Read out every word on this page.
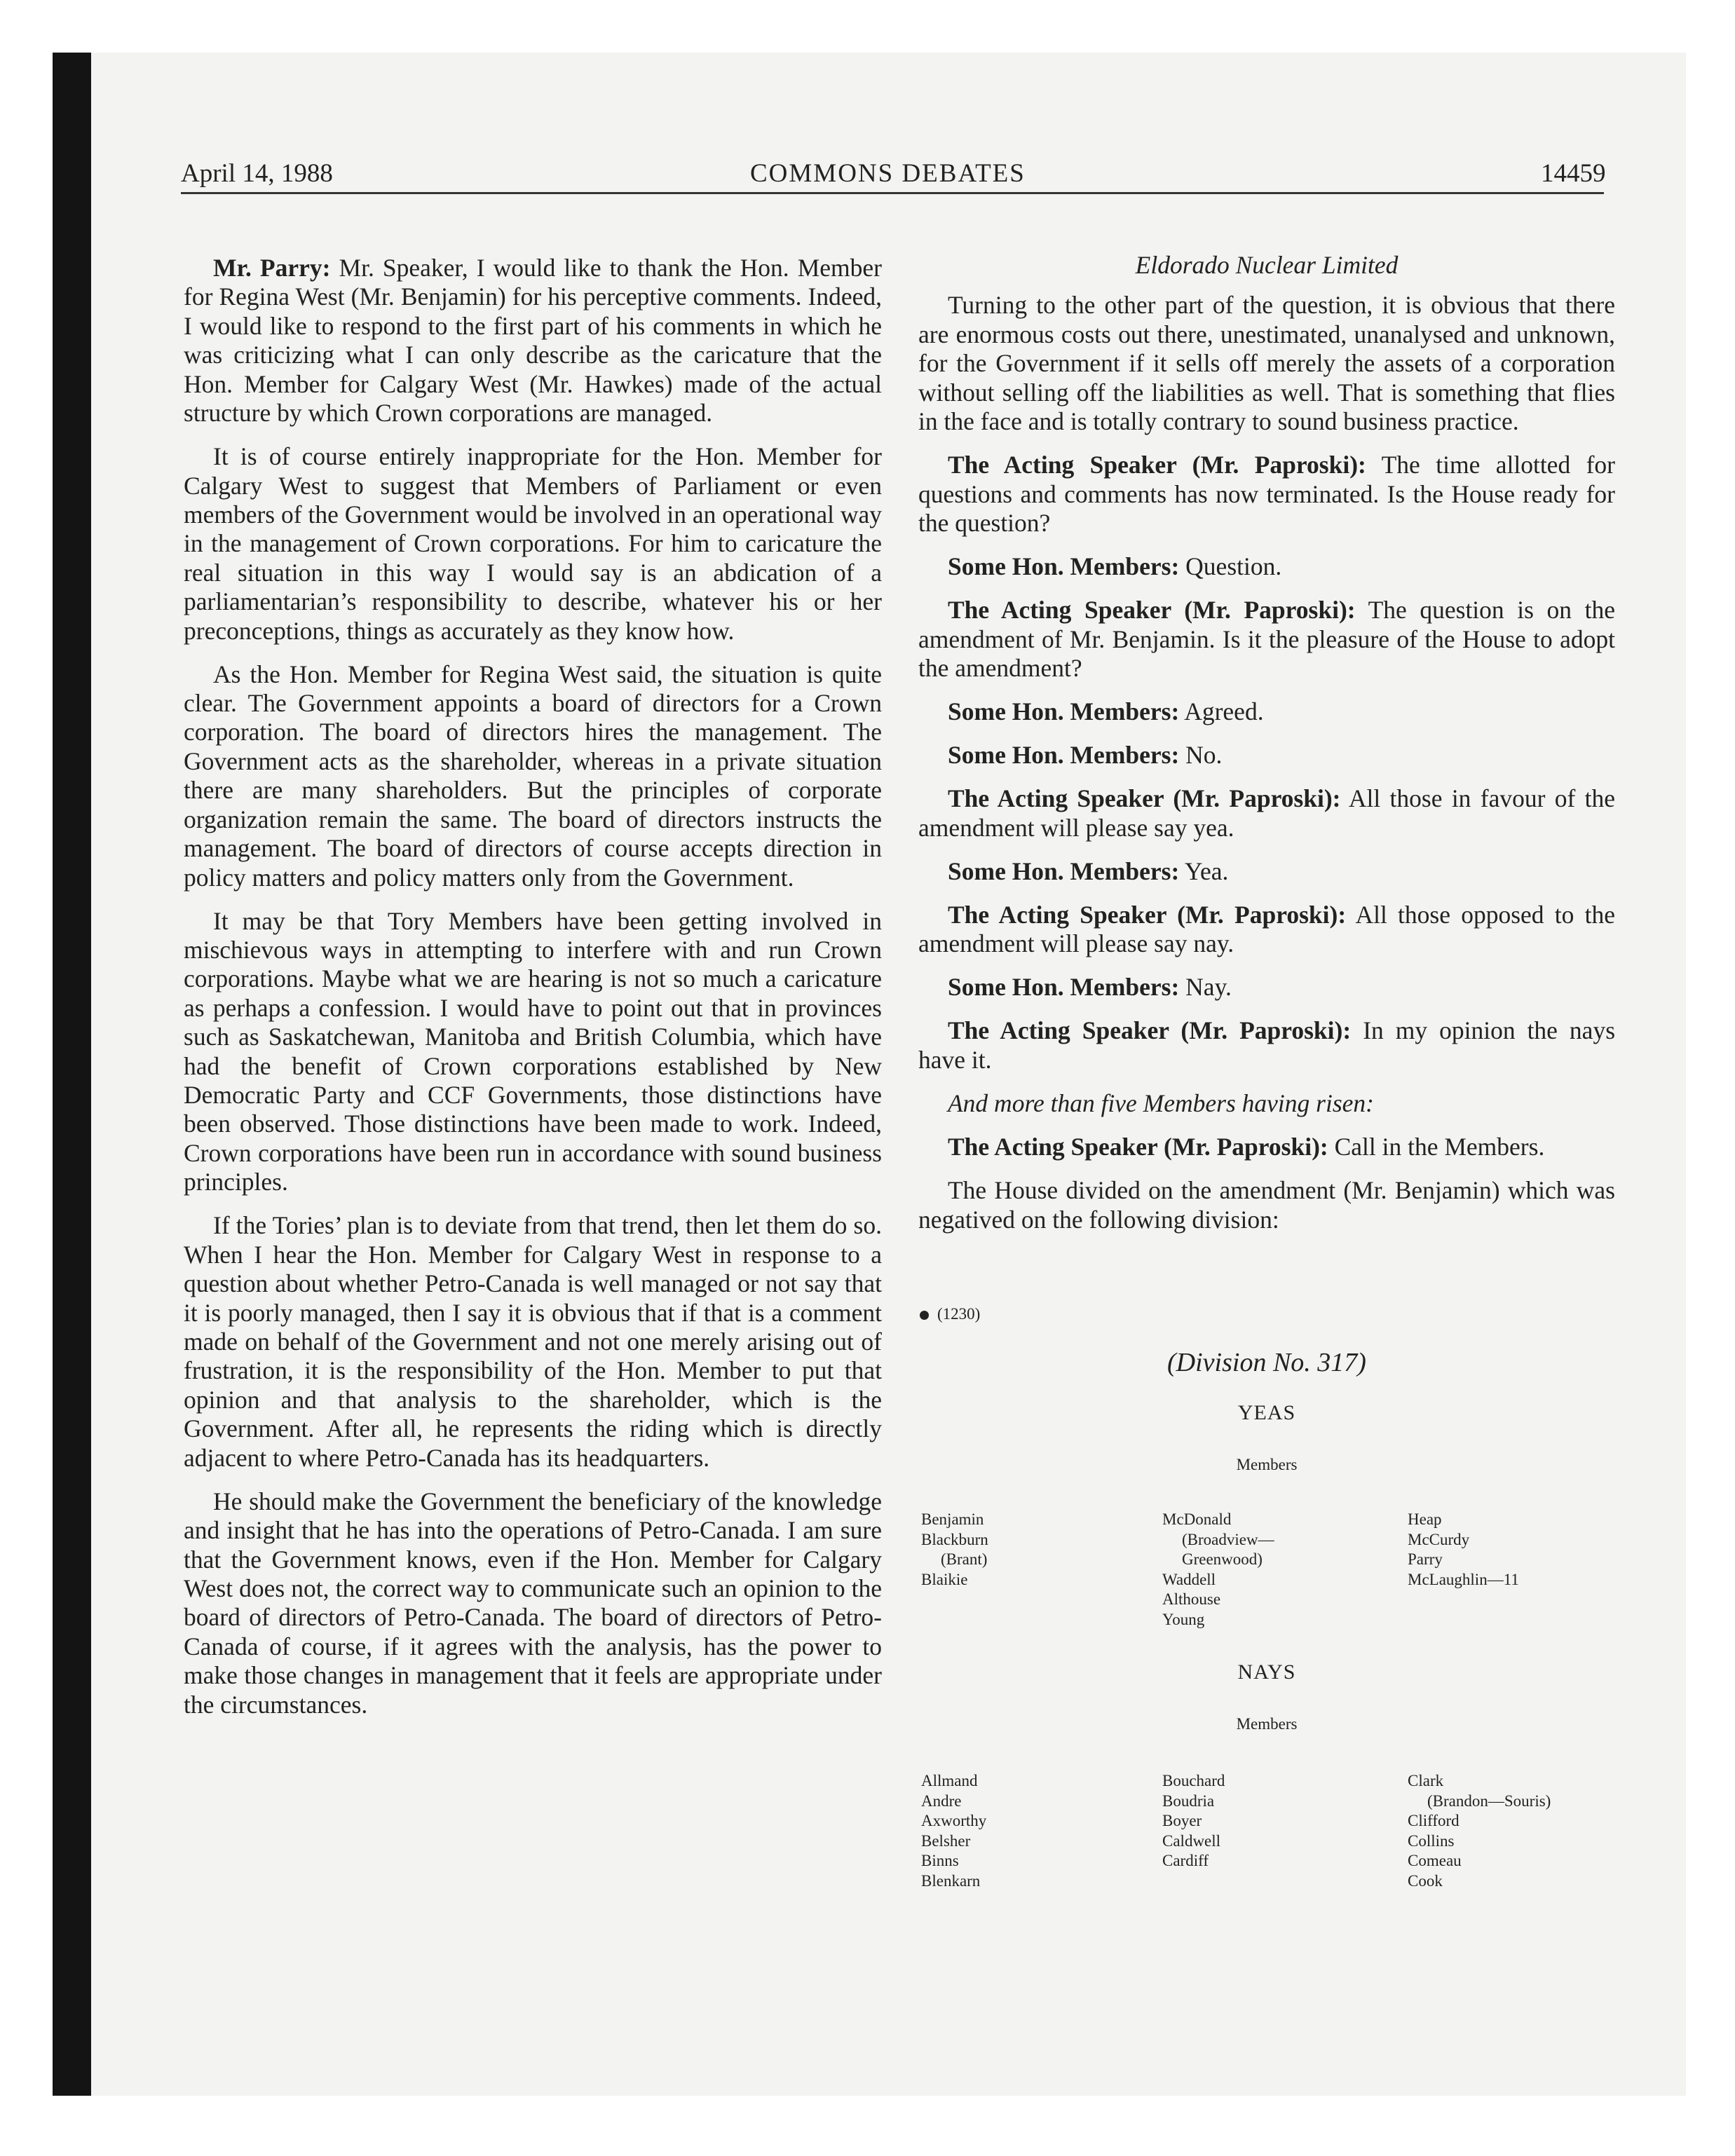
April 14, 1988	COMMONS DEBATES	14459

Mr. Parry: Mr. Speaker, I would like to thank the Hon. Member for Regina West (Mr. Benjamin) for his perceptive comments. Indeed, I would like to respond to the first part of his comments in which he was criticizing what I can only describe as the caricature that the Hon. Member for Calgary West (Mr. Hawkes) made of the actual structure by which Crown corporations are managed.

It is of course entirely inappropriate for the Hon. Member for Calgary West to suggest that Members of Parliament or even members of the Government would be involved in an operational way in the management of Crown corporations. For him to caricature the real situation in this way I would say is an abdication of a parliamentarian’s responsibility to describe, whatever his or her preconceptions, things as accurately as they know how.

As the Hon. Member for Regina West said, the situation is quite clear. The Government appoints a board of directors for a Crown corporation. The board of directors hires the management. The Government acts as the shareholder, whereas in a private situation there are many shareholders. But the principles of corporate organization remain the same. The board of directors instructs the management. The board of directors of course accepts direction in policy matters and policy matters only from the Government.

It may be that Tory Members have been getting involved in mischievous ways in attempting to interfere with and run Crown corporations. Maybe what we are hearing is not so much a caricature as perhaps a confession. I would have to point out that in provinces such as Saskatchewan, Manitoba and British Columbia, which have had the benefit of Crown corporations established by New Democratic Party and CCF Governments, those distinctions have been observed. Those distinctions have been made to work. Indeed, Crown corporations have been run in accordance with sound business principles.

If the Tories’ plan is to deviate from that trend, then let them do so. When I hear the Hon. Member for Calgary West in response to a question about whether Petro-Canada is well managed or not say that it is poorly managed, then I say it is obvious that if that is a comment made on behalf of the Government and not one merely arising out of frustration, it is the responsibility of the Hon. Member to put that opinion and that analysis to the shareholder, which is the Government. After all, he represents the riding which is directly adjacent to where Petro-Canada has its headquarters.

He should make the Government the beneficiary of the knowledge and insight that he has into the operations of Petro-Canada. I am sure that the Government knows, even if the Hon. Member for Calgary West does not, the correct way to communicate such an opinion to the board of directors of Petro-Canada. The board of directors of Petro-Canada of course, if it agrees with the analysis, has the power to make those changes in management that it feels are appropriate under the circumstances.

Eldorado Nuclear Limited

Turning to the other part of the question, it is obvious that there are enormous costs out there, unestimated, unanalysed and unknown, for the Government if it sells off merely the assets of a corporation without selling off the liabilities as well. That is something that flies in the face and is totally contrary to sound business practice.

The Acting Speaker (Mr. Paproski): The time allotted for questions and comments has now terminated. Is the House ready for the question?

Some Hon. Members: Question.

The Acting Speaker (Mr. Paproski): The question is on the amendment of Mr. Benjamin. Is it the pleasure of the House to adopt the amendment?

Some Hon. Members: Agreed.

Some Hon. Members: No.

The Acting Speaker (Mr. Paproski): All those in favour of the amendment will please say yea.

Some Hon. Members: Yea.

The Acting Speaker (Mr. Paproski): All those opposed to the amendment will please say nay.

Some Hon. Members: Nay.

The Acting Speaker (Mr. Paproski): In my opinion the nays have it.

And more than five Members having risen:

The Acting Speaker (Mr. Paproski): Call in the Members.

The House divided on the amendment (Mr. Benjamin) which was negatived on the following division:

(1230)
(Division No. 317)
YEAS
Members
Benjamin
Blackburn
(Brant)
Blaikie
McDonald
(Broadview—
Greenwood)
Waddell
Althouse
Young
Heap
McCurdy
Parry
McLaughlin—11
NAYS
Members
Allmand
Andre
Axworthy
Belsher
Binns
Blenkarn
Bouchard
Boudria
Boyer
Caldwell
Cardiff
Clark
(Brandon—Souris)
Clifford
Collins
Comeau
Cook
